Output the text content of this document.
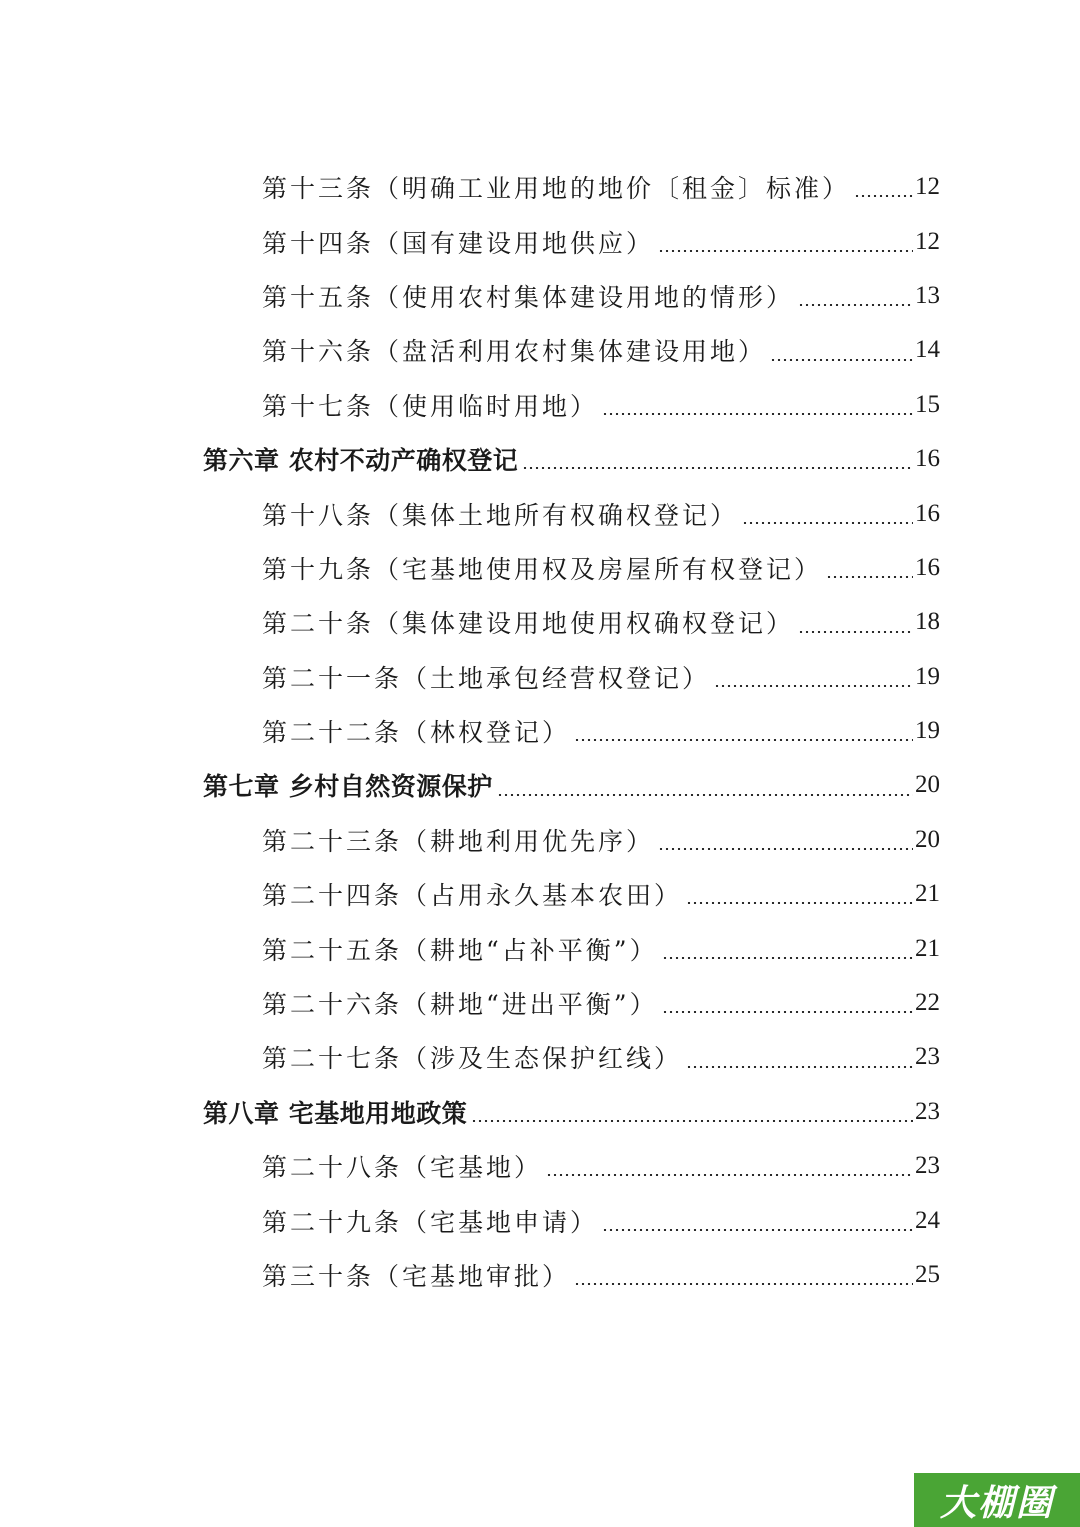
第十三条（明确工业用地的地价〔租金〕标准）	12
第十四条（国有建设用地供应）	12
第十五条（使用农村集体建设用地的情形）	13
第十六条（盘活利用农村集体建设用地）	14
第十七条（使用临时用地）	15
第六章 农村不动产确权登记	16
第十八条（集体土地所有权确权登记）	16
第十九条（宅基地使用权及房屋所有权登记）	16
第二十条（集体建设用地使用权确权登记）	18
第二十一条（土地承包经营权登记）	19
第二十二条（林权登记）	19
第七章 乡村自然资源保护	20
第二十三条（耕地利用优先序）	20
第二十四条（占用永久基本农田）	21
第二十五条（耕地“占补平衡”）	21
第二十六条（耕地“进出平衡”）	22
第二十七条（涉及生态保护红线）	23
第八章 宅基地用地政策	23
第二十八条（宅基地）	23
第二十九条（宅基地申请）	24
第三十条（宅基地审批）	25
大棚圈
